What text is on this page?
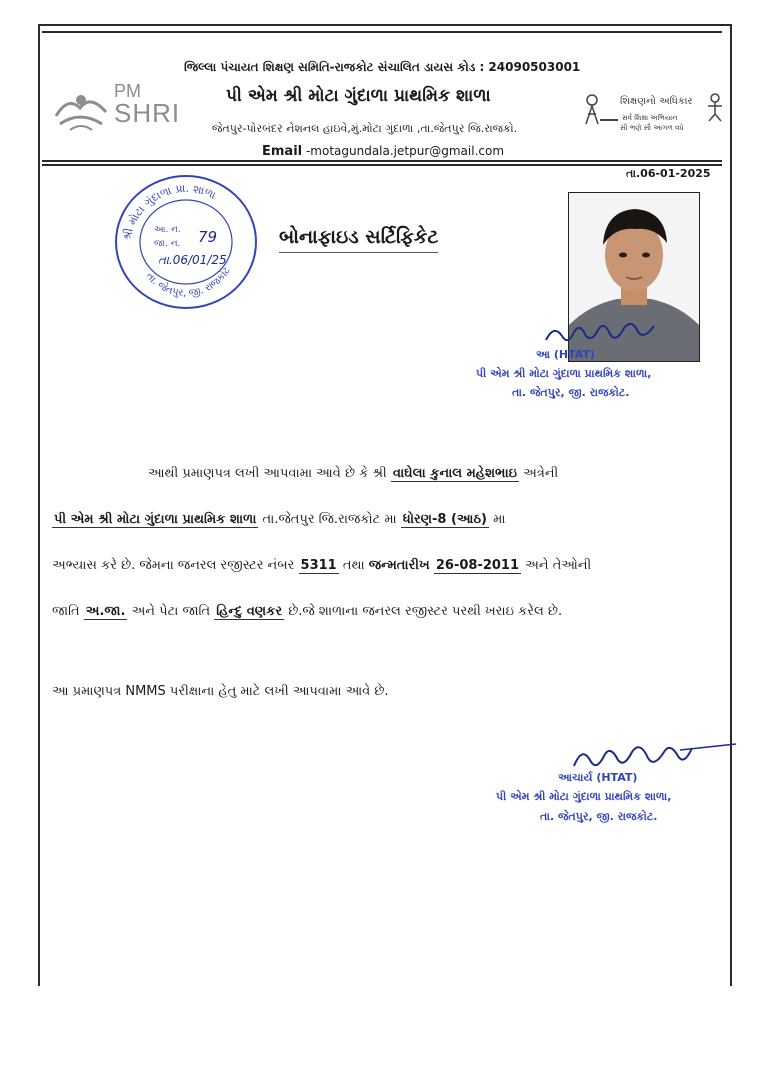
જિલ્લા પંચાયત શિક્ષણ સમિતિ-રાજકોટ સંચાલિત ડાયસ કોડ : 24090503001
PM
SHRI
પી એમ શ્રી મોટા ગુંદાળા પ્રાથમિક શાળા	શિક્ષણનો અધિકાર
સર્વ શિક્ષા અભિયાન
સૌ ભણે સૌ આગળ વધે
જેતપુર-પોરબંદર નેશનલ હાઇવે,મું.મોટા ગુંદાળા ,તા.જેતપુર જિ.રાજકો.
Email -motagundala.jetpur@gmail.com
તા.06-01-2025
શ્રી મોટા ગુંદાળા પ્રા. શાળા
તા. જેતપુર, જી. રાજકોટ
આ. ન.
જા. ન. 79
તા.06/01/25
બોનાફાઇડ સર્ટિફિકેટ
આ (HTAT)
પી એમ શ્રી મોટા ગુંદાળા પ્રાથમિક શાળા,
તા. જેતપુર, જી. રાજકોટ.
આથી પ્રમાણપત્ર લખી આપવામા આવે છે કે શ્રી વાઘેલા કુનાલ મહેશભાઇ અત્રેની
પી એમ શ્રી મોટા ગુંદાળા પ્રાથમિક શાળા તા.જેતપુર જિ.રાજકોટ મા ધોરણ-8 (આઠ) મા
અભ્યાસ કરે છે. જેમના જનરલ રજીસ્ટર નંબર 5311 તથા જન્મતારીખ 26-08-2011 અને તેઓની
જાતિ અ.જા. અને પેટા જાતિ હિન્દુ વણકર છે.જે શાળાના જનરલ રજીસ્ટર પરથી ખરાઇ કરેલ છે.
આ પ્રમાણપત્ર NMMS પરીક્ષાના હેતુ માટે લખી આપવામા આવે છે.
આચાર્ય (HTAT)
પી એમ શ્રી મોટા ગુંદાળા પ્રાથમિક શાળા,
તા. જેતપુર, જી. રાજકોટ.
